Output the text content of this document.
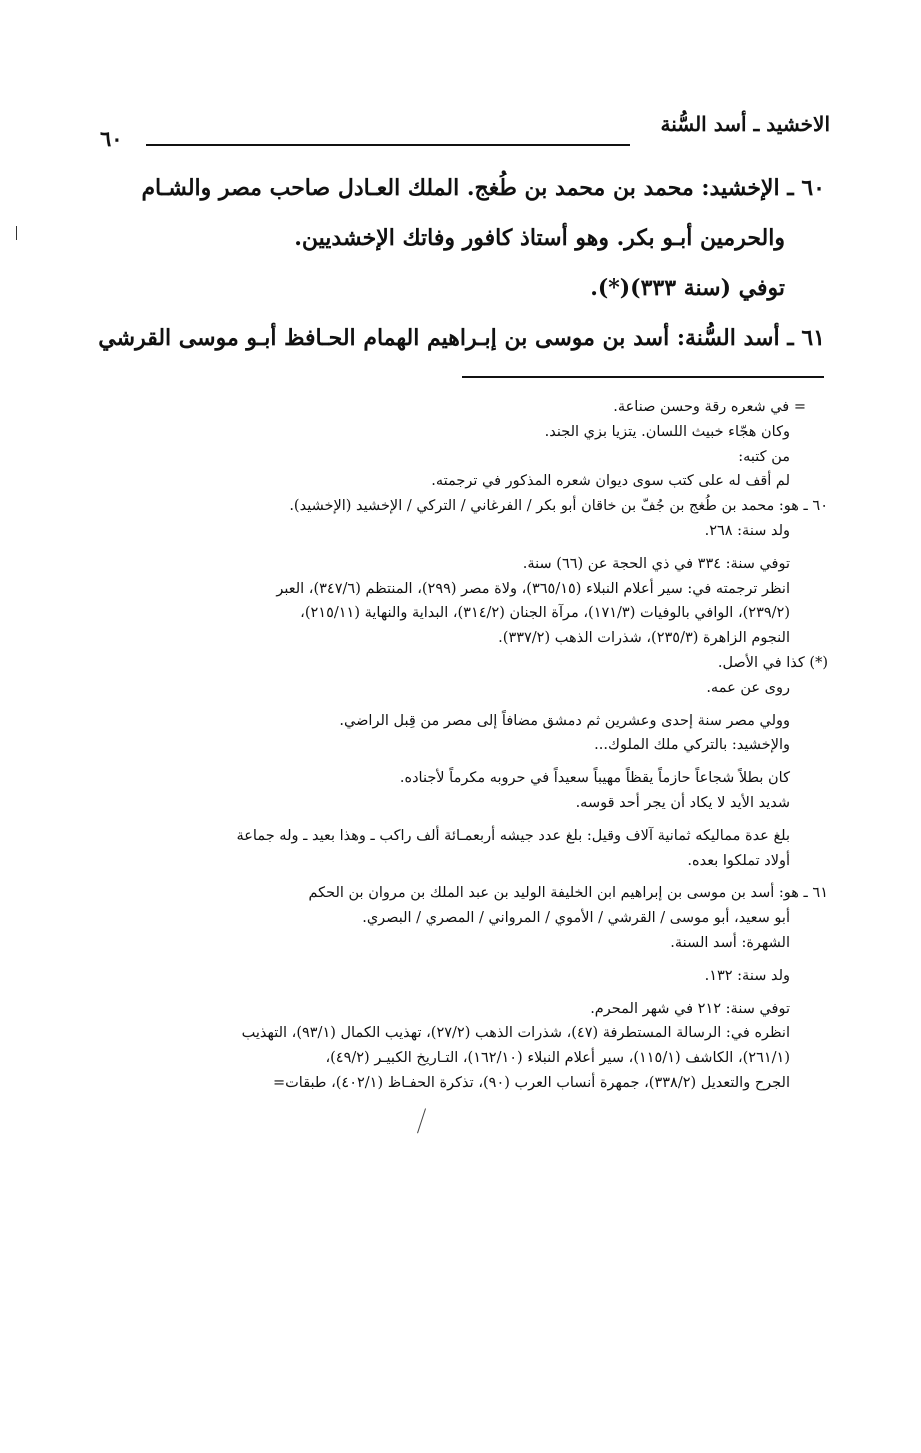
الاخشيد ـ أسد السُّنة
٦٠
٦٠ ـ الإخشيد: محمد بن محمد بن طُغج. الملك العـادل صاحب مصر والشـام
والحرمين أبـو بكر. وهو أستاذ كافور وفاتك الإخشديين.
توفي (سنة ٣٣٣)(*).
٦١ ـ أسد السُّنة: أسد بن موسى بن إبـراهيم الهمام الحـافظ أبـو موسى القرشي
= في شعره رقة وحسن صناعة.
وكان هجّاء خبيث اللسان. يتزيا بزي الجند.
من كتبه:
لم أقف له على كتب سوى ديوان شعره المذكور في ترجمته.
٦٠ ـ هو: محمد بن طُغج بن جُفّ بن خاقان أبو بكر / الفرغاني / التركي / الإخشيد (الإخشيد).
ولد سنة: ٢٦٨.
توفي سنة: ٣٣٤ في ذي الحجة عن (٦٦) سنة.
انظر ترجمته في: سير أعلام النبلاء (٣٦٥/١٥)، ولاة مصر (٢٩٩)، المنتظم (٣٤٧/٦)، العبر
(٢٣٩/٢)، الوافي بالوفيات (١٧١/٣)، مرآة الجنان (٣١٤/٢)، البداية والنهاية (٢١٥/١١)،
النجوم الزاهرة (٢٣٥/٣)، شذرات الذهب (٣٣٧/٢).
(*) كذا في الأصل.
روى عن عمه.
وولي مصر سنة إحدى وعشرين ثم دمشق مضافاً إلى مصر من قِبل الراضي.
والإخشيد: بالتركي ملك الملوك...
كان بطلاً شجاعاً حازماً يقظاً مهيباً سعيداً في حروبه مكرماً لأجناده.
شديد الأيد لا يكاد أن يجر أحد قوسه.
بلغ عدة مماليكه ثمانية آلاف وقيل: بلغ عدد جيشه أربعمـائة ألف راكب ـ وهذا بعيد ـ وله جماعة
أولاد تملكوا بعده.
٦١ ـ هو: أسد بن موسى بن إبراهيم ابن الخليفة الوليد بن عبد الملك بن مروان بن الحكم
أبو سعيد، أبو موسى / القرشي / الأموي / المرواني / المصري / البصري.
الشهرة: أسد السنة.
ولد سنة: ١٣٢.
توفي سنة: ٢١٢ في شهر المحرم.
انظره في: الرسالة المستطرفة (٤٧)، شذرات الذهب (٢٧/٢)، تهذيب الكمال (٩٣/١)، التهذيب
(٢٦١/١)، الكاشف (١١٥/١)، سير أعلام النبلاء (١٦٢/١٠)، التـاريخ الكبيـر (٤٩/٢)،
الجرح والتعديل (٣٣٨/٢)، جمهرة أنساب العرب (٩٠)، تذكرة الحفـاظ (٤٠٢/١)، طبقات=
